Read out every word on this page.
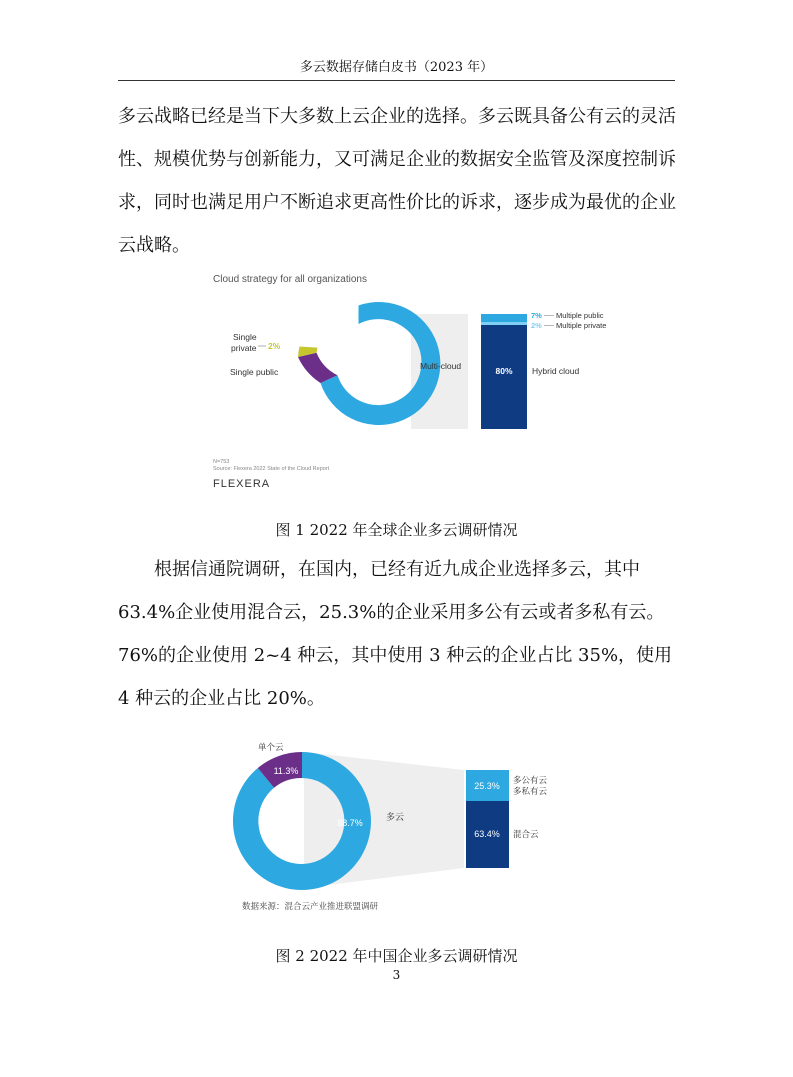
多云数据存储白皮书（2023 年）

多云战略已经是当下大多数上云企业的选择。多云既具备公有云的灵活性、规模优势与创新能力，又可满足企业的数据安全监管及深度控制诉求，同时也满足用户不断追求更高性价比的诉求，逐步成为最优的企业云战略。

Cloud strategy for all organizations
89%	Multi-cloud
9%
Single public
Single
private 2%
80% Hybrid cloud
7% Multiple public
2% Multiple private
N=753
Source: Flexera 2022 State of the Cloud Report
FLEXERA
图 1 2022 年全球企业多云调研情况

根据信通院调研，在国内，已经有近九成企业选择多云，其中63.4%企业使用混合云，25.3%的企业采用多公有云或者多私有云。76%的企业使用 2~4 种云，其中使用 3 种云的企业占比 35%，使用4 种云的企业占比 20%。

单个云
11.3%
88.7%
多云
25.3%
多公有云
多私有云
63.4% 混合云
数据来源：混合云产业推进联盟调研
图 2 2022 年中国企业多云调研情况
3
